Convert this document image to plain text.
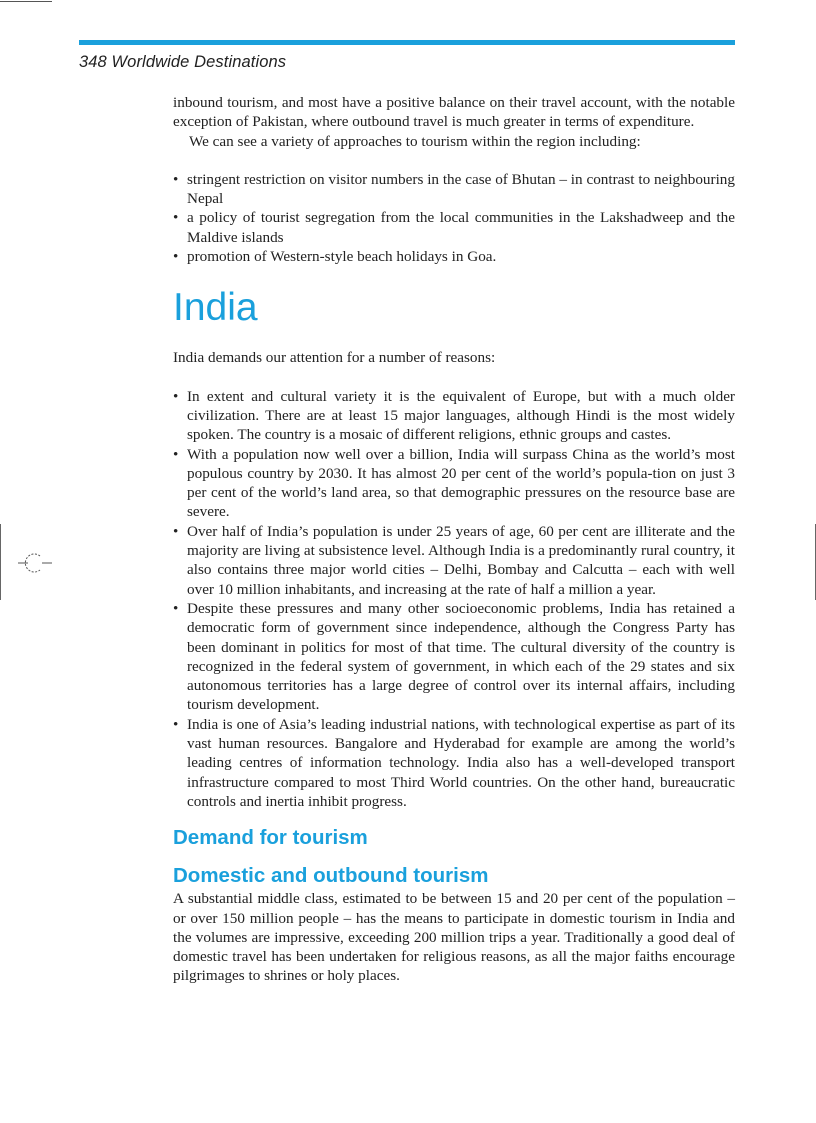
348 Worldwide Destinations

inbound tourism, and most have a positive balance on their travel account, with the notable exception of Pakistan, where outbound travel is much greater in terms of expenditure.

We can see a variety of approaches to tourism within the region including:

• stringent restriction on visitor numbers in the case of Bhutan – in contrast to neighbouring Nepal
• a policy of tourist segregation from the local communities in the Lakshadweep and the Maldive islands
• promotion of Western-style beach holidays in Goa.
India

India demands our attention for a number of reasons:

• In extent and cultural variety it is the equivalent of Europe, but with a much older civilization. There are at least 15 major languages, although Hindi is the most widely spoken. The country is a mosaic of different religions, ethnic groups and castes.
• With a population now well over a billion, India will surpass China as the world’s most populous country by 2030. It has almost 20 per cent of the world’s popula-tion on just 3 per cent of the world’s land area, so that demographic pressures on the resource base are severe.
• Over half of India’s population is under 25 years of age, 60 per cent are illiterate and the majority are living at subsistence level. Although India is a predominantly rural country, it also contains three major world cities – Delhi, Bombay and Calcutta – each with well over 10 million inhabitants, and increasing at the rate of half a million a year.
• Despite these pressures and many other socioeconomic problems, India has retained a democratic form of government since independence, although the Congress Party has been dominant in politics for most of that time. The cultural diversity of the country is recognized in the federal system of government, in which each of the 29 states and six autonomous territories has a large degree of control over its internal affairs, including tourism development.
• India is one of Asia’s leading industrial nations, with technological expertise as part of its vast human resources. Bangalore and Hyderabad for example are among the world’s leading centres of information technology. India also has a well-developed transport infrastructure compared to most Third World countries. On the other hand, bureaucratic controls and inertia inhibit progress.
Demand for tourism
Domestic and outbound tourism

A substantial middle class, estimated to be between 15 and 20 per cent of the population – or over 150 million people – has the means to participate in domestic tourism in India and the volumes are impressive, exceeding 200 million trips a year. Traditionally a good deal of domestic travel has been undertaken for religious reasons, as all the major faiths encourage pilgrimages to shrines or holy places.
